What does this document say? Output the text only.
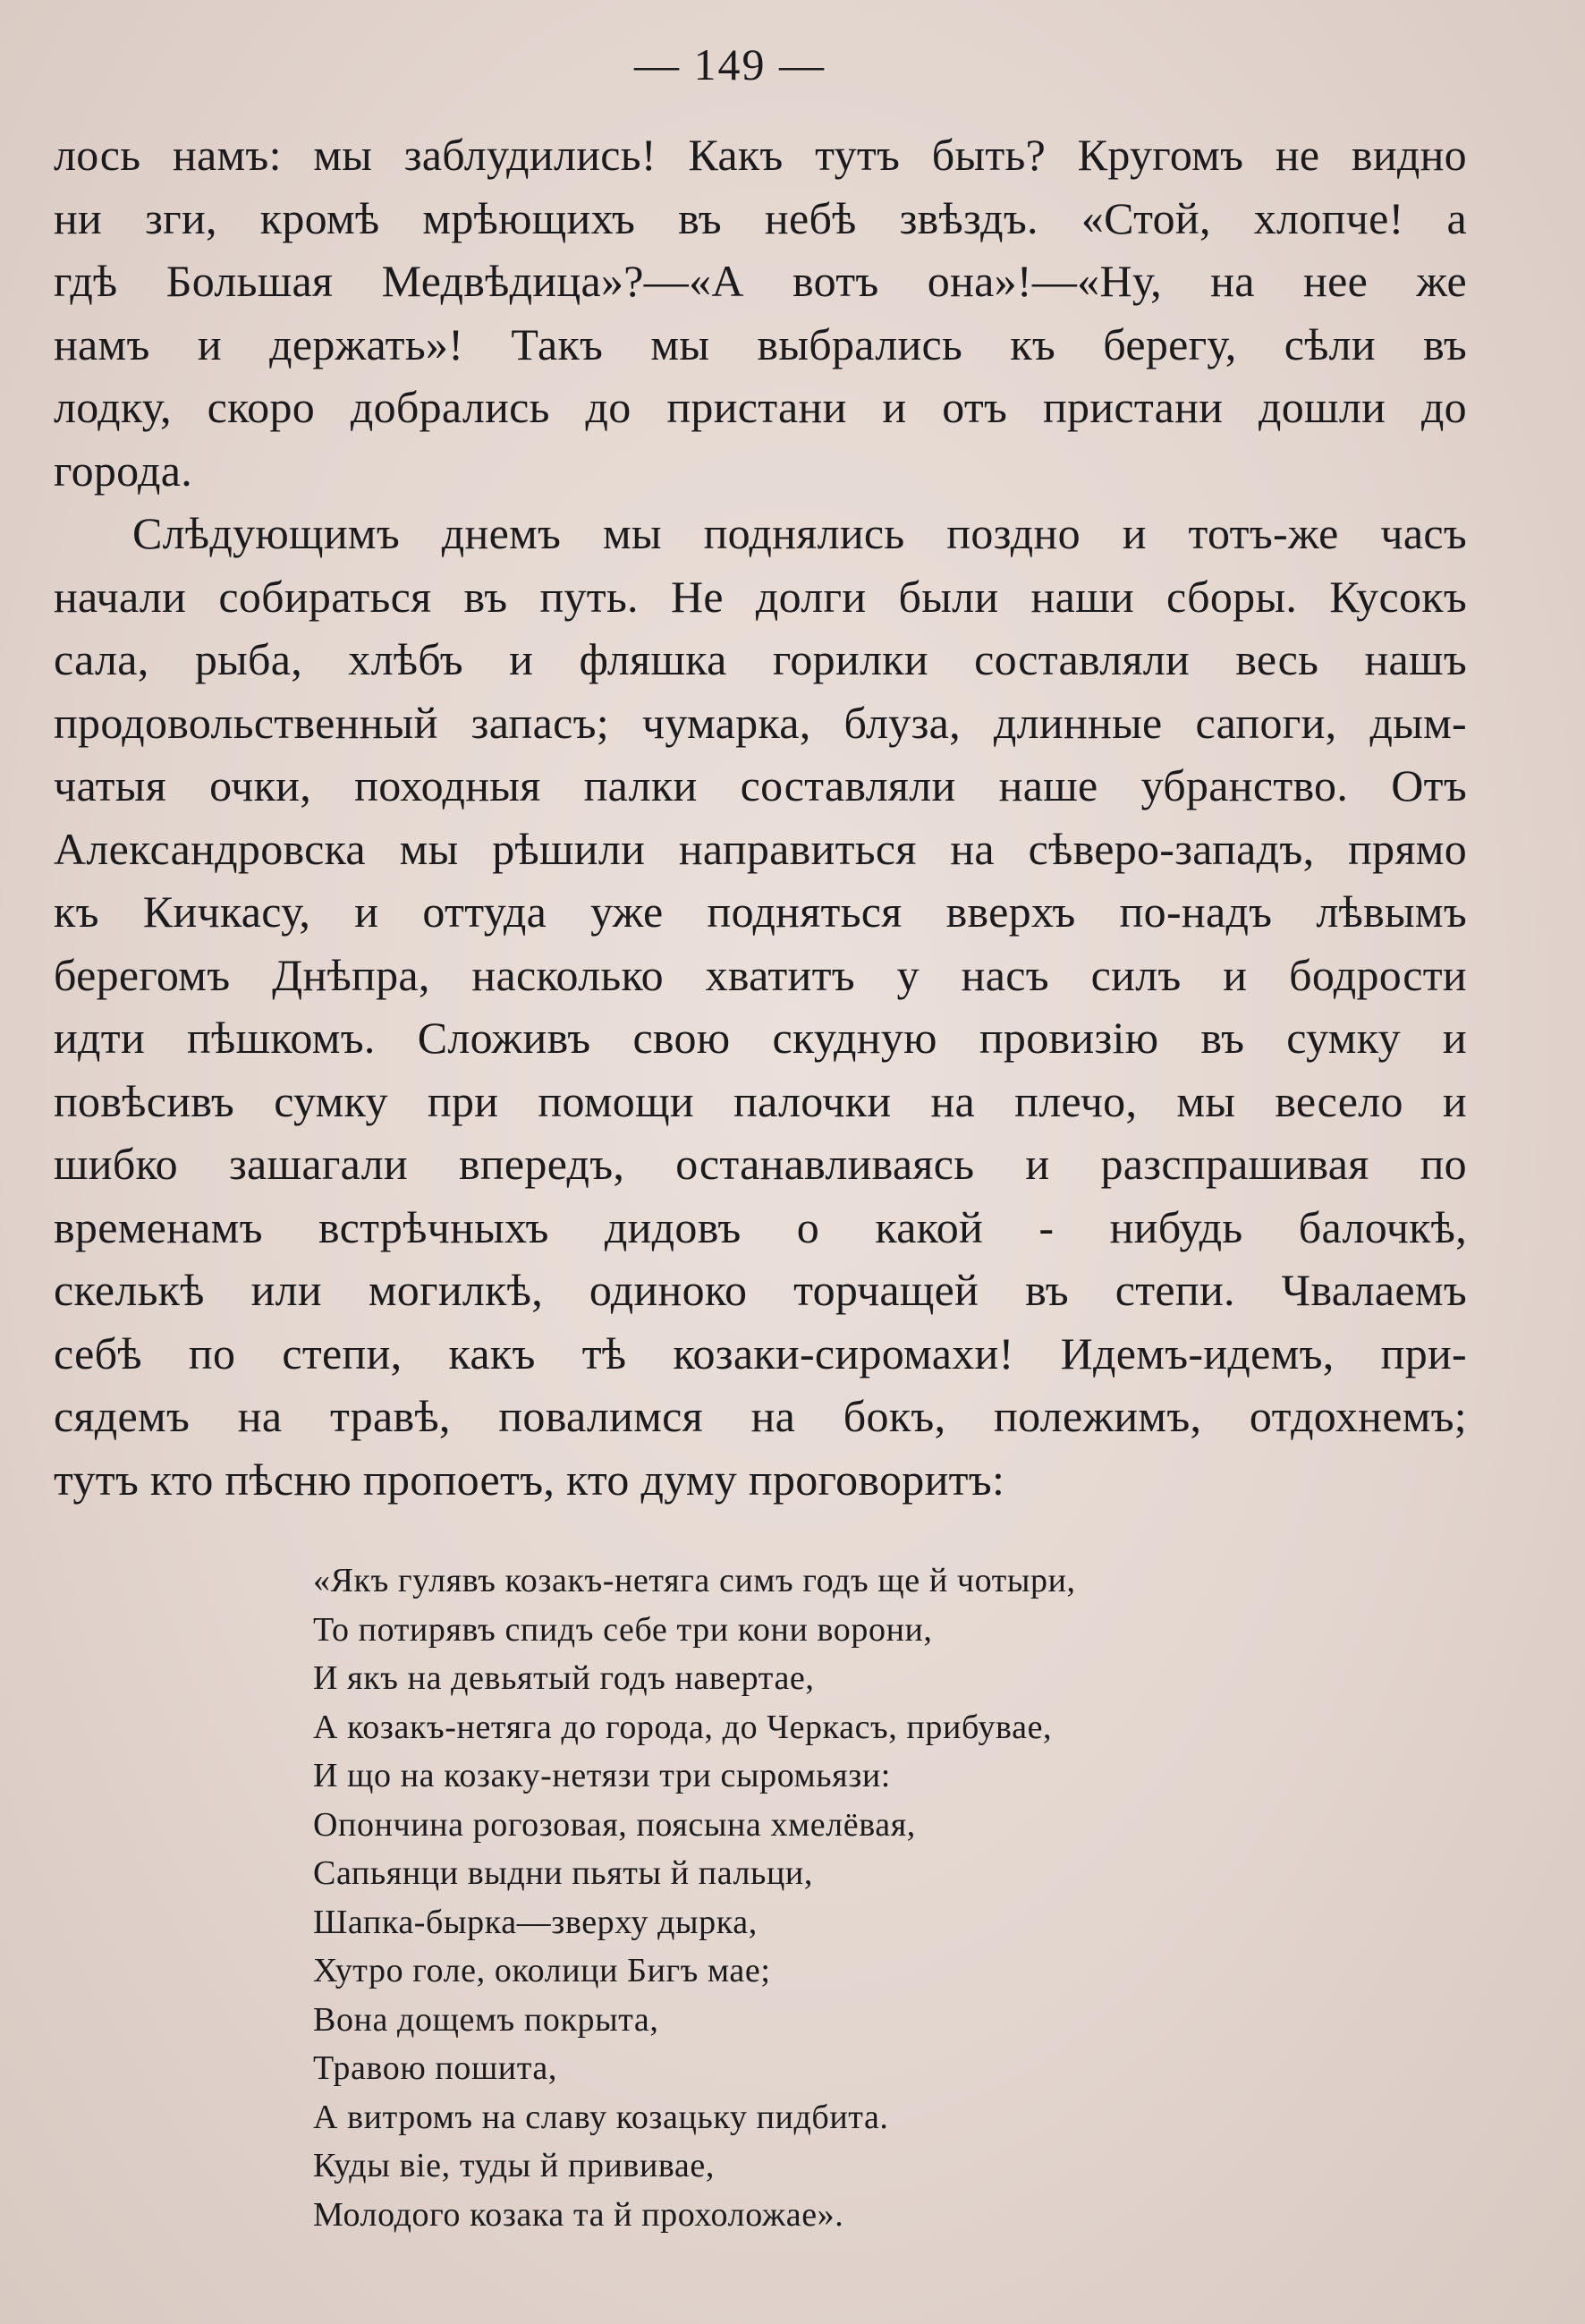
— 149 —
лось намъ: мы заблудились! Какъ тутъ быть? Кругомъ не видно
ни зги, кромѣ мрѣющихъ въ небѣ звѣздъ. «Стой, хлопче! а
гдѣ Большая Медвѣдица»?—«А вотъ она»!—«Ну, на нее же
намъ и держать»! Такъ мы выбрались къ берегу, сѣли въ
лодку, скоро добрались до пристани и отъ пристани дошли до
города.
Слѣдующимъ днемъ мы поднялись поздно и тотъ-же часъ
начали собираться въ путь. Не долги были наши сборы. Кусокъ
сала, рыба, хлѣбъ и фляшка горилки составляли весь нашъ
продовольственный запасъ; чумарка, блуза, длинные сапоги, дым-
чатыя очки, походныя палки составляли наше убранство. Отъ
Александровска мы рѣшили направиться на сѣверо-западъ, прямо
къ Кичкасу, и оттуда уже подняться вверхъ по-надъ лѣвымъ
берегомъ Днѣпра, насколько хватитъ у насъ силъ и бодрости
идти пѣшкомъ. Сложивъ свою скудную провизію въ сумку и
повѣсивъ сумку при помощи палочки на плечо, мы весело и
шибко зашагали впередъ, останавливаясь и разспрашивая по
временамъ встрѣчныхъ дидовъ о какой - нибудь балочкѣ,
скелькѣ или могилкѣ, одиноко торчащей въ степи. Чвалаемъ
себѣ по степи, какъ тѣ козаки-сиромахи! Идемъ-идемъ, при-
сядемъ на травѣ, повалимся на бокъ, полежимъ, отдохнемъ;
тутъ кто пѣсню пропоетъ, кто думу проговоритъ:
«Якъ гулявъ козакъ-нетяга симъ годъ ще й чотыри,
То потирявъ спидъ себе три кони ворони,
И якъ на девьятый годъ навертае,
А козакъ-нетяга до города, до Черкасъ, прибувае,
И що на козаку-нетязи три сыромьязи:
Опончина рогозовая, поясына хмелёвая,
Сапьянци выдни пьяты й пальци,
Шапка-бырка—зверху дырка,
Хутро голе, околици Бигъ мае;
Вона дощемъ покрыта,
Травою пошита,
А витромъ на славу козацьку пидбита.
Куды вiе, туды й прививае,
Молодого козака та й прохоложае».
